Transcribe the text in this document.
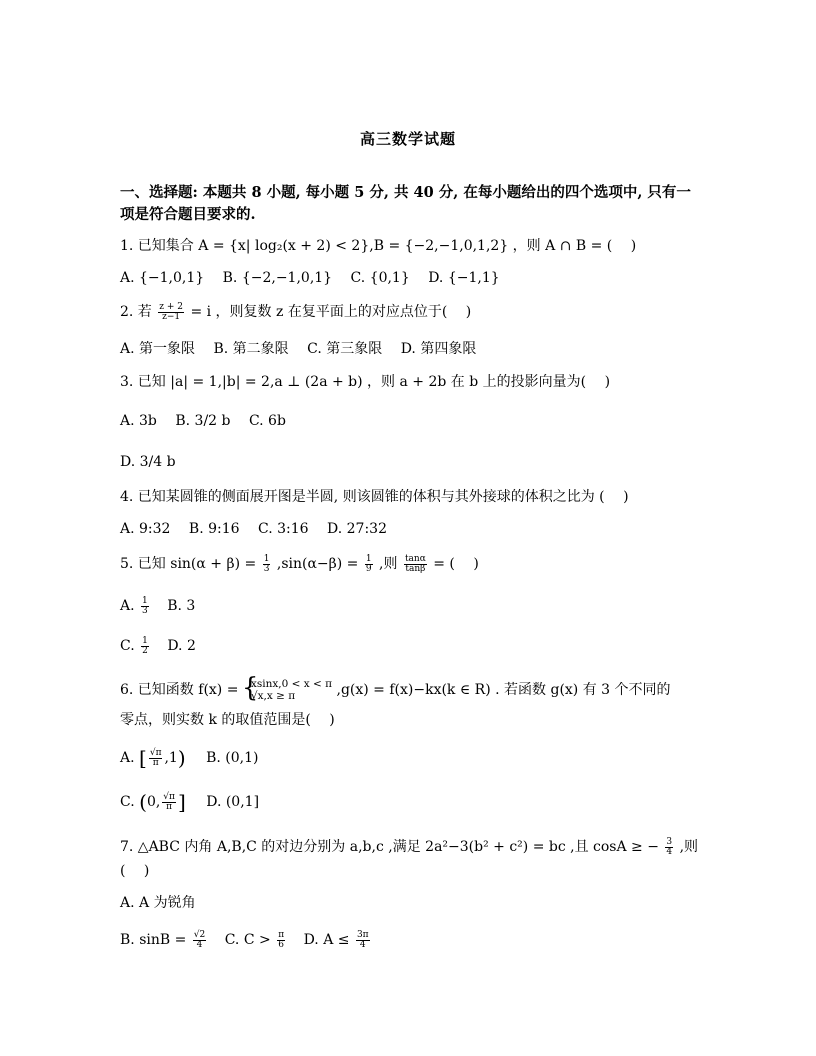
高三数学试题
一、选择题: 本题共 8 小题, 每小题 5 分, 共 40 分, 在每小题给出的四个选项中, 只有一项是符合题目要求的.
1. 已知集合 A = {x| log₂(x + 2) < 2},B = {−2,−1,0,1,2} ，则 A ∩ B = (　 )
A. {−1,0,1} B. {−2,−1,0,1} C. {0,1} D. {−1,1}
2. 若 $\frac{z + 2}{z-1} = i$ ，则复数 z 在复平面上的对应点位于(　 )
A. 第一象限 B. 第二象限 C. 第三象限 D. 第四象限
3. 已知 |a| = 1,|b| = 2,a ⊥ (2a + b) ，则 a + 2b 在 b 上的投影向量为(　 )
A. 3b B. 3/2 b C. 6b
D. 3/4 b
4. 已知某圆锥的侧面展开图是半圆, 则该圆锥的体积与其外接球的体积之比为 (　 )
A. 9:32 B. 9:16 C. 3:16 D. 27:32
5. 已知 $\sin(\alpha + \beta) = \frac{1}{3} ,\sin(\alpha-\beta) = \frac{1}{9}$ ,则 $\frac{\tan\alpha}{\tan\beta}$ = (　 )
A. $\frac{1}{3} B$. 3
C. $\frac{1}{2} D$. 2
6. 已知函数 f(x) =
{ xsinx,0 < x < π
√x,x ≥ π	,g(x) = f(x)−kx(k ∈ R) . 若函数 g(x) 有 3 个不同的
零点，则实数 k 的取值范围是(　 )
A. [ $\frac{√\pi}{\pi} ,1$) B. (0,1)
C. (0, $\frac{√\pi}{\pi}$ ] D. (0,1]
7. △ABC 内角 A,B,C 的对边分别为 a,b,c ,满足 2a²−3(b² + c²) = bc ,且 cosA ≥ − $\frac{3}{4}$ ,则
(　 )
A. A 为锐角
B. $\sin B = \frac{√2}{4} C$. $C > \frac{\pi}{6} D$. $A \le \frac{3\pi}{4}$
